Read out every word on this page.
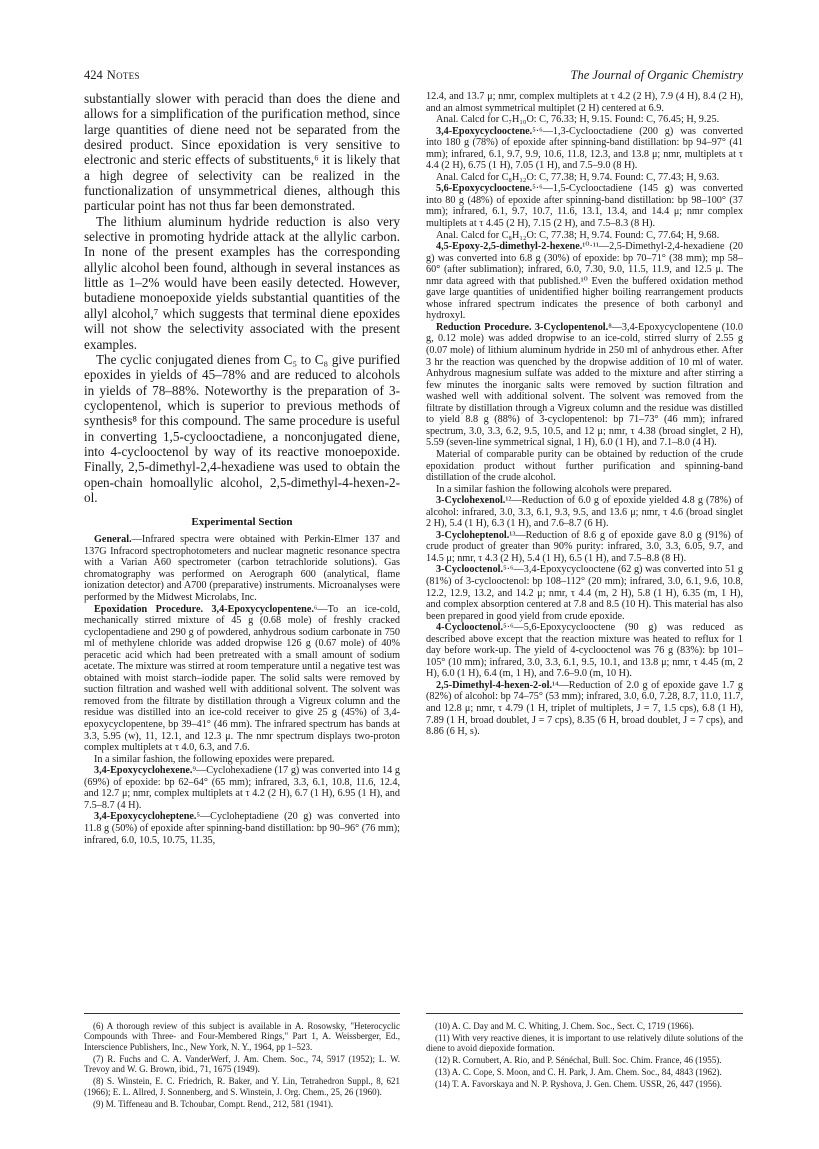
424 Notes	The Journal of Organic Chemistry

substantially slower with peracid than does the diene and allows for a simplification of the purification method, since large quantities of diene need not be separated from the desired product. Since epoxidation is very sensitive to electronic and steric effects of substituents,⁶ it is likely that a high degree of selectivity can be realized in the functionalization of unsymmetrical dienes, although this particular point has not thus far been demonstrated.

The lithium aluminum hydride reduction is also very selective in promoting hydride attack at the allylic carbon. In none of the present examples has the corresponding allylic alcohol been found, although in several instances as little as 1–2% would have been easily detected. However, butadiene monoepoxide yields substantial quantities of the allyl alcohol,⁷ which suggests that terminal diene epoxides will not show the selectivity associated with the present examples.

The cyclic conjugated dienes from C₅ to C₈ give purified epoxides in yields of 45–78% and are reduced to alcohols in yields of 78–88%. Noteworthy is the preparation of 3-cyclopentenol, which is superior to previous methods of synthesis⁸ for this compound. The same procedure is useful in converting 1,5-cyclooctadiene, a nonconjugated diene, into 4-cyclooctenol by way of its reactive monoepoxide. Finally, 2,5-dimethyl-2,4-hexadiene was used to obtain the open-chain homoallylic alcohol, 2,5-dimethyl-4-hexen-2-ol.

Experimental Section

General.—Infrared spectra were obtained with Perkin-Elmer 137 and 137G Infracord spectrophotometers and nuclear magnetic resonance spectra with a Varian A60 spectrometer (carbon tetrachloride solutions). Gas chromatography was performed on Aerograph 600 (analytical, flame ionization detector) and A700 (preparative) instruments. Microanalyses were performed by the Midwest Microlabs, Inc.

Epoxidation Procedure. 3,4-Epoxycyclopentene.⁶—To an ice-cold, mechanically stirred mixture of 45 g (0.68 mole) of freshly cracked cyclopentadiene and 290 g of powdered, anhydrous sodium carbonate in 750 ml of methylene chloride was added dropwise 126 g (0.67 mole) of 40% peracetic acid which had been pretreated with a small amount of sodium acetate. The mixture was stirred at room temperature until a negative test was obtained with moist starch–iodide paper. The solid salts were removed by suction filtration and washed well with additional solvent. The solvent was removed from the filtrate by distillation through a Vigreux column and the residue was distilled into an ice-cold receiver to give 25 g (45%) of 3,4-epoxycyclopentene, bp 39–41° (46 mm). The infrared spectrum has bands at 3.3, 5.95 (w), 11, 12.1, and 12.3 μ. The nmr spectrum displays two-proton complex multiplets at τ 4.0, 6.3, and 7.6.

In a similar fashion, the following epoxides were prepared.

3,4-Epoxycyclohexene.⁹—Cyclohexadiene (17 g) was converted into 14 g (69%) of epoxide: bp 62–64° (65 mm); infrared, 3.3, 6.1, 10.8, 11.6, 12.4, and 12.7 μ; nmr, complex multiplets at τ 4.2 (2 H), 6.7 (1 H), 6.95 (1 H), and 7.5–8.7 (4 H).

3,4-Epoxycycloheptene.⁵—Cycloheptadiene (20 g) was converted into 11.8 g (50%) of epoxide after spinning-band distillation: bp 90–96° (76 mm); infrared, 6.0, 10.5, 10.75, 11.35,

12.4, and 13.7 μ; nmr, complex multiplets at τ 4.2 (2 H), 7.9 (4 H), 8.4 (2 H), and an almost symmetrical multiplet (2 H) centered at 6.9.

Anal. Calcd for C₇H₁₀O: C, 76.33; H, 9.15. Found: C, 76.45; H, 9.25.

3,4-Epoxycyclooctene.⁵·⁶—1,3-Cyclooctadiene (200 g) was converted into 180 g (78%) of epoxide after spinning-band distillation: bp 94–97° (41 mm); infrared, 6.1, 9.7, 9.9, 10.6, 11.8, 12.3, and 13.8 μ; nmr, multiplets at τ 4.4 (2 H), 6.75 (1 H), 7.05 (1 H), and 7.5–9.0 (8 H).

Anal. Calcd for C₈H₁₂O: C, 77.38; H, 9.74. Found: C, 77.43; H, 9.63.

5,6-Epoxycyclooctene.⁵·⁶—1,5-Cyclooctadiene (145 g) was converted into 80 g (48%) of epoxide after spinning-band distillation: bp 98–100° (37 mm); infrared, 6.1, 9.7, 10.7, 11.6, 13.1, 13.4, and 14.4 μ; nmr complex multiplets at τ 4.45 (2 H), 7.15 (2 H), and 7.5–8.3 (8 H).

Anal. Calcd for C₈H₁₂O: C, 77.38; H, 9.74. Found: C, 77.64; H, 9.68.

4,5-Epoxy-2,5-dimethyl-2-hexene.¹⁰·¹¹—2,5-Dimethyl-2,4-hexadiene (20 g) was converted into 6.8 g (30%) of epoxide: bp 70–71° (38 mm); mp 58–60° (after sublimation); infrared, 6.0, 7.30, 9.0, 11.5, 11.9, and 12.5 μ. The nmr data agreed with that published.¹⁰ Even the buffered oxidation method gave large quantities of unidentified higher boiling rearrangement products whose infrared spectrum indicates the presence of both carbonyl and hydroxyl.

Reduction Procedure. 3-Cyclopentenol.⁸—3,4-Epoxycyclopentene (10.0 g, 0.12 mole) was added dropwise to an ice-cold, stirred slurry of 2.55 g (0.07 mole) of lithium aluminum hydride in 250 ml of anhydrous ether. After 3 hr the reaction was quenched by the dropwise addition of 10 ml of water. Anhydrous magnesium sulfate was added to the mixture and after stirring a few minutes the inorganic salts were removed by suction filtration and washed well with additional solvent. The solvent was removed from the filtrate by distillation through a Vigreux column and the residue was distilled to yield 8.8 g (88%) of 3-cyclopentenol: bp 71–73° (46 mm); infrared spectrum, 3.0, 3.3, 6.2, 9.5, 10.5, and 12 μ; nmr, τ 4.38 (broad singlet, 2 H), 5.59 (seven-line symmetrical signal, 1 H), 6.0 (1 H), and 7.1–8.0 (4 H).

Material of comparable purity can be obtained by reduction of the crude epoxidation product without further purification and spinning-band distillation of the crude alcohol.

In a similar fashion the following alcohols were prepared.

3-Cyclohexenol.¹²—Reduction of 6.0 g of epoxide yielded 4.8 g (78%) of alcohol: infrared, 3.0, 3.3, 6.1, 9.3, 9.5, and 13.6 μ; nmr, τ 4.6 (broad singlet 2 H), 5.4 (1 H), 6.3 (1 H), and 7.6–8.7 (6 H).

3-Cycloheptenol.¹³—Reduction of 8.6 g of epoxide gave 8.0 g (91%) of crude product of greater than 90% purity: infrared, 3.0, 3.3, 6.05, 9.7, and 14.5 μ; nmr, τ 4.3 (2 H), 5.4 (1 H), 6.5 (1 H), and 7.5–8.8 (8 H).

3-Cyclooctenol.⁵·⁶—3,4-Epoxycyclooctene (62 g) was converted into 51 g (81%) of 3-cyclooctenol: bp 108–112° (20 mm); infrared, 3.0, 6.1, 9.6, 10.8, 12.2, 12.9, 13.2, and 14.2 μ; nmr, τ 4.4 (m, 2 H), 5.8 (1 H), 6.35 (m, 1 H), and complex absorption centered at 7.8 and 8.5 (10 H). This material has also been prepared in good yield from crude epoxide.

4-Cyclooctenol.⁵·⁶—5,6-Epoxycyclooctene (90 g) was reduced as described above except that the reaction mixture was heated to reflux for 1 day before work-up. The yield of 4-cyclooctenol was 76 g (83%): bp 101–105° (10 mm); infrared, 3.0, 3.3, 6.1, 9.5, 10.1, and 13.8 μ; nmr, τ 4.45 (m, 2 H), 6.0 (1 H), 6.4 (m, 1 H), and 7.6–9.0 (m, 10 H).

2,5-Dimethyl-4-hexen-2-ol.¹⁴—Reduction of 2.0 g of epoxide gave 1.7 g (82%) of alcohol: bp 74–75° (53 mm); infrared, 3.0, 6.0, 7.28, 8.7, 11.0, 11.7, and 12.8 μ; nmr, τ 4.79 (1 H, triplet of multiplets, J = 7, 1.5 cps), 6.8 (1 H), 7.89 (1 H, broad doublet, J = 7 cps), 8.35 (6 H, broad doublet, J = 7 cps), and 8.86 (6 H, s).

(6) A thorough review of this subject is available in A. Rosowsky, "Heterocyclic Compounds with Three- and Four-Membered Rings," Part 1, A. Weissberger, Ed., Interscience Publishers, Inc., New York, N. Y., 1964, pp 1–523.

(7) R. Fuchs and C. A. VanderWerf, J. Am. Chem. Soc., 74, 5917 (1952); L. W. Trevoy and W. G. Brown, ibid., 71, 1675 (1949).

(8) S. Winstein, E. C. Friedrich, R. Baker, and Y. Lin, Tetrahedron Suppl., 8, 621 (1966); E. L. Allred, J. Sonnenberg, and S. Winstein, J. Org. Chem., 25, 26 (1960).

(9) M. Tiffeneau and B. Tchoubar, Compt. Rend., 212, 581 (1941).

(10) A. C. Day and M. C. Whiting, J. Chem. Soc., Sect. C, 1719 (1966).

(11) With very reactive dienes, it is important to use relatively dilute solutions of the diene to avoid diepoxide formation.

(12) R. Cornubert, A. Rio, and P. Sénéchal, Bull. Soc. Chim. France, 46 (1955).

(13) A. C. Cope, S. Moon, and C. H. Park, J. Am. Chem. Soc., 84, 4843 (1962).

(14) T. A. Favorskaya and N. P. Ryshova, J. Gen. Chem. USSR, 26, 447 (1956).
